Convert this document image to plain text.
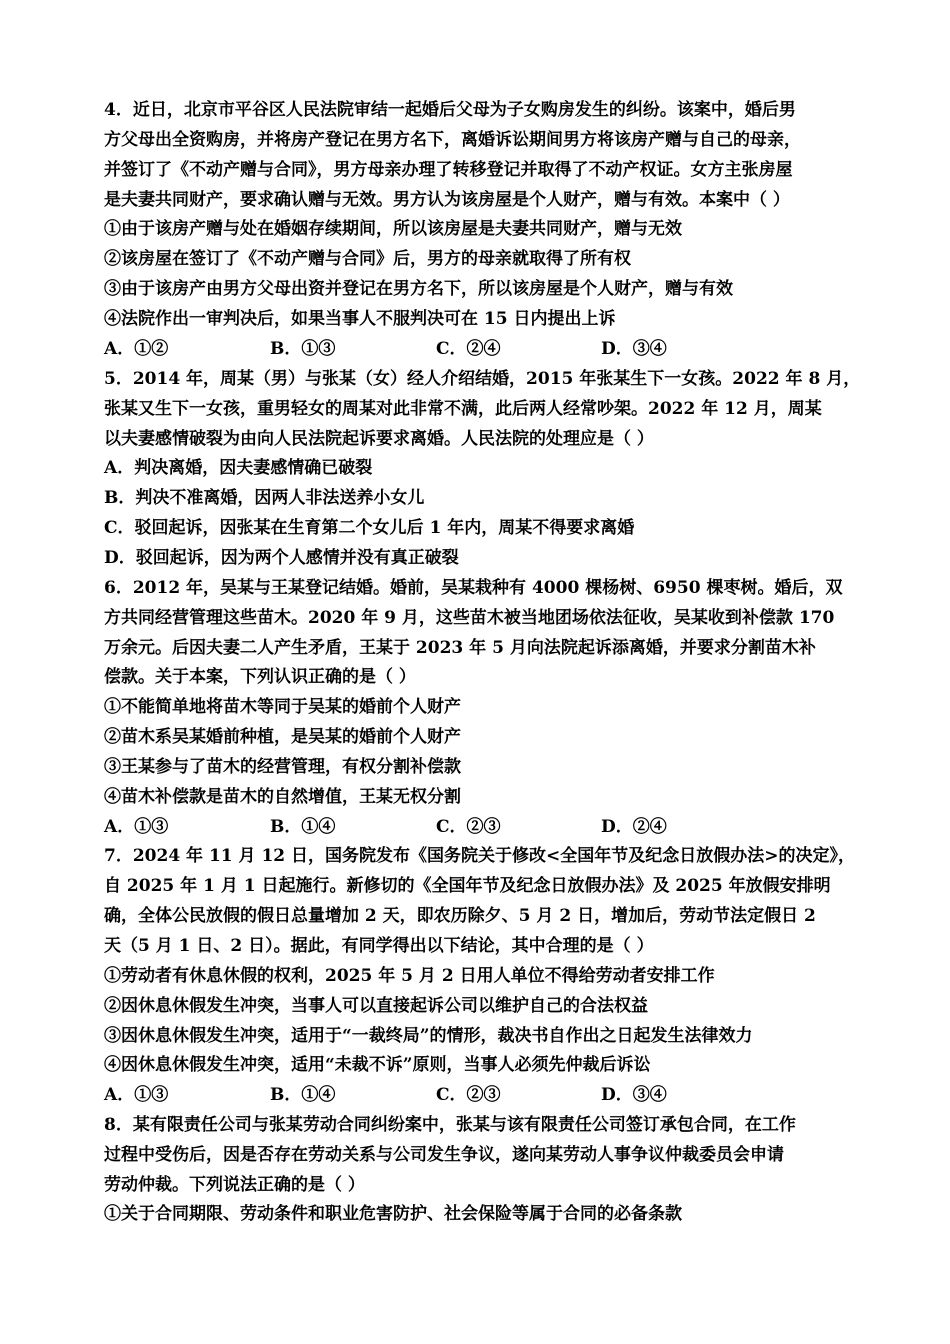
4．近日，北京市平谷区人民法院审结一起婚后父母为子女购房发生的纠纷。该案中，婚后男
方父母出全资购房，并将房产登记在男方名下，离婚诉讼期间男方将该房产赠与自己的母亲，
并签订了《不动产赠与合同》，男方母亲办理了转移登记并取得了不动产权证。女方主张房屋
是夫妻共同财产，要求确认赠与无效。男方认为该房屋是个人财产，赠与有效。本案中（ ）
①由于该房产赠与处在婚姻存续期间，所以该房屋是夫妻共同财产，赠与无效
②该房屋在签订了《不动产赠与合同》后，男方的母亲就取得了所有权
③由于该房产由男方父母出资并登记在男方名下，所以该房屋是个人财产，赠与有效
④法院作出一审判决后，如果当事人不服判决可在 15 日内提出上诉
A．①②	B．①③	C．②④	D．③④
5．2014 年，周某（男）与张某（女）经人介绍结婚，2015 年张某生下一女孩。2022 年 8 月，
张某又生下一女孩，重男轻女的周某对此非常不满，此后两人经常吵架。2022 年 12 月，周某
以夫妻感情破裂为由向人民法院起诉要求离婚。人民法院的处理应是（ ）
A．判决离婚，因夫妻感情确已破裂
B．判决不准离婚，因两人非法送养小女儿
C．驳回起诉，因张某在生育第二个女儿后 1 年内，周某不得要求离婚
D．驳回起诉，因为两个人感情并没有真正破裂
6．2012 年，吴某与王某登记结婚。婚前，吴某栽种有 4000 棵杨树、6950 棵枣树。婚后，双
方共同经营管理这些苗木。2020 年 9 月，这些苗木被当地团场依法征收，吴某收到补偿款 170
万余元。后因夫妻二人产生矛盾，王某于 2023 年 5 月向法院起诉添离婚，并要求分割苗木补
偿款。关于本案，下列认识正确的是（ ）
①不能简单地将苗木等同于吴某的婚前个人财产
②苗木系吴某婚前种植，是吴某的婚前个人财产
③王某参与了苗木的经营管理，有权分割补偿款
④苗木补偿款是苗木的自然增值，王某无权分割
A．①③	B．①④	C．②③	D．②④
7．2024 年 11 月 12 日，国务院发布《国务院关于修改<全国年节及纪念日放假办法>的决定》，
自 2025 年 1 月 1 日起施行。新修切的《全国年节及纪念日放假办法》及 2025 年放假安排明
确，全体公民放假的假日总量增加 2 天，即农历除夕、5 月 2 日，增加后，劳动节法定假日 2
天（5 月 1 日、2 日）。据此，有同学得出以下结论，其中合理的是（ ）
①劳动者有休息休假的权利，2025 年 5 月 2 日用人单位不得给劳动者安排工作
②因休息休假发生冲突，当事人可以直接起诉公司以维护自己的合法权益
③因休息休假发生冲突，适用于“一裁终局”的情形，裁决书自作出之日起发生法律效力
④因休息休假发生冲突，适用“未裁不诉”原则，当事人必须先仲裁后诉讼
A．①③	B．①④	C．②③	D．③④
8．某有限责任公司与张某劳动合同纠纷案中，张某与该有限责任公司签订承包合同，在工作
过程中受伤后，因是否存在劳动关系与公司发生争议，遂向某劳动人事争议仲裁委员会申请
劳动仲裁。下列说法正确的是（ ）
①关于合同期限、劳动条件和职业危害防护、社会保险等属于合同的必备条款
